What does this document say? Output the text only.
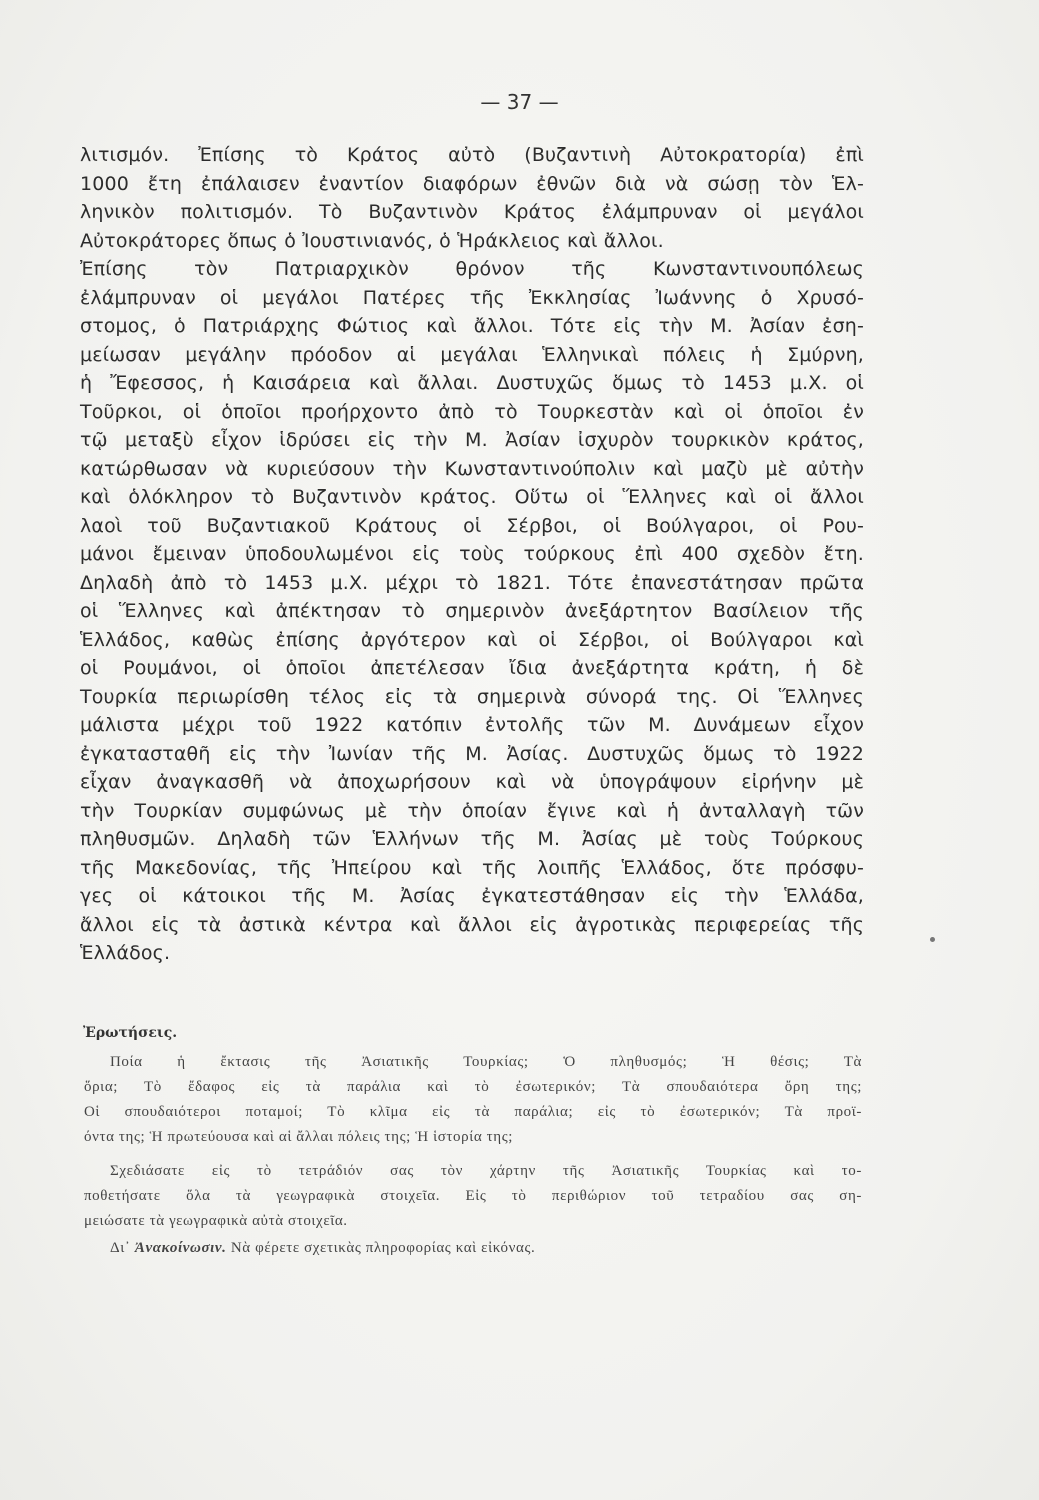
— 37 —
λιτισμόν. Ἐπίσης τὸ Κράτος αὐτὸ (Βυζαντινὴ Αὐτοκρατορία) ἐπὶ
1000 ἔτη ἐπάλαισεν ἐναντίον διαφόρων ἐθνῶν διὰ νὰ σώσῃ τὸν Ἑλ-
ληνικὸν πολιτισμόν. Τὸ Βυζαντινὸν Κράτος ἐλάμπρυναν οἱ μεγάλοι
Αὐτοκράτορες ὅπως ὁ Ἰουστινιανός, ὁ Ἡράκλειος καὶ ἄλλοι.
Ἐπίσης τὸν Πατριαρχικὸν θρόνον τῆς Κωνσταντινουπόλεως
ἐλάμπρυναν οἱ μεγάλοι Πατέρες τῆς Ἐκκλησίας Ἰωάννης ὁ Χρυσό-
στομος, ὁ Πατριάρχης Φώτιος καὶ ἄλλοι. Τότε εἰς τὴν Μ. Ἀσίαν ἐση-
μείωσαν μεγάλην πρόοδον αἱ μεγάλαι Ἑλληνικαὶ πόλεις ἡ Σμύρνη,
ἡ Ἔφεσσος, ἡ Καισάρεια καὶ ἄλλαι. Δυστυχῶς ὅμως τὸ 1453 μ.Χ. οἱ
Τοῦρκοι, οἱ ὁποῖοι προήρχοντο ἀπὸ τὸ Τουρκεστὰν καὶ οἱ ὁποῖοι ἐν
τῷ μεταξὺ εἶχον ἱδρύσει εἰς τὴν Μ. Ἀσίαν ἰσχυρὸν τουρκικὸν κράτος,
κατώρθωσαν νὰ κυριεύσουν τὴν Κωνσταντινούπολιν καὶ μαζὺ μὲ αὐτὴν
καὶ ὁλόκληρον τὸ Βυζαντινὸν κράτος. Οὕτω οἱ Ἕλληνες καὶ οἱ ἄλλοι
λαοὶ τοῦ Βυζαντιακοῦ Κράτους οἱ Σέρβοι, οἱ Βούλγαροι, οἱ Ρου-
μάνοι ἔμειναν ὑποδουλωμένοι εἰς τοὺς τούρκους ἐπὶ 400 σχεδὸν ἔτη.
Δηλαδὴ ἀπὸ τὸ 1453 μ.Χ. μέχρι τὸ 1821. Τότε ἐπανεστάτησαν πρῶτα
οἱ Ἕλληνες καὶ ἀπέκτησαν τὸ σημερινὸν ἀνεξάρτητον Βασίλειον τῆς
Ἑλλάδος, καθὼς ἐπίσης ἀργότερον καὶ οἱ Σέρβοι, οἱ Βούλγαροι καὶ
οἱ Ρουμάνοι, οἱ ὁποῖοι ἀπετέλεσαν ἴδια ἀνεξάρτητα κράτη, ἡ δὲ
Τουρκία περιωρίσθη τέλος εἰς τὰ σημερινὰ σύνορά της. Οἱ Ἕλληνες
μάλιστα μέχρι τοῦ 1922 κατόπιν ἐντολῆς τῶν Μ. Δυνάμεων εἶχον
ἐγκατασταθῆ εἰς τὴν Ἰωνίαν τῆς Μ. Ἀσίας. Δυστυχῶς ὅμως τὸ 1922
εἶχαν ἀναγκασθῆ νὰ ἀποχωρήσουν καὶ νὰ ὑπογράψουν εἰρήνην μὲ
τὴν Τουρκίαν συμφώνως μὲ τὴν ὁποίαν ἔγινε καὶ ἡ ἀνταλλαγὴ τῶν
πληθυσμῶν. Δηλαδὴ τῶν Ἑλλήνων τῆς Μ. Ἀσίας μὲ τοὺς Τούρκους
τῆς Μακεδονίας, τῆς Ἠπείρου καὶ τῆς λοιπῆς Ἑλλάδος, ὅτε πρόσφυ-
γες οἱ κάτοικοι τῆς Μ. Ἀσίας ἐγκατεστάθησαν εἰς τὴν Ἑλλάδα,
ἄλλοι εἰς τὰ ἀστικὰ κέντρα καὶ ἄλλοι εἰς ἀγροτικὰς περιφερείας τῆς
Ἑλλάδος.
Ἐρωτήσεις.
Ποία ἡ ἔκτασις τῆς Ἀσιατικῆς Τουρκίας; Ὁ πληθυσμός; Ἡ θέσις; Τὰ
ὅρια; Τὸ ἔδαφος εἰς τὰ παράλια καὶ τὸ ἐσωτερικόν; Τὰ σπουδαιότερα ὄρη της;
Οἱ σπουδαιότεροι ποταμοί; Τὸ κλῖμα εἰς τὰ παράλια; εἰς τὸ ἐσωτερικόν; Τὰ προϊ-
όντα της; Ἡ πρωτεύουσα καὶ αἱ ἄλλαι πόλεις της; Ἡ ἱστορία της;
Σχεδιάσατε εἰς τὸ τετράδιόν σας τὸν χάρτην τῆς Ἀσιατικῆς Τουρκίας καὶ το-
ποθετήσατε ὅλα τὰ γεωγραφικὰ στοιχεῖα. Εἰς τὸ περιθώριον τοῦ τετραδίου σας ση-
μειώσατε τὰ γεωγραφικὰ αὐτὰ στοιχεῖα.
Δι᾽ Ἀνακοίνωσιν. Νὰ φέρετε σχετικὰς πληροφορίας καὶ εἰκόνας.
